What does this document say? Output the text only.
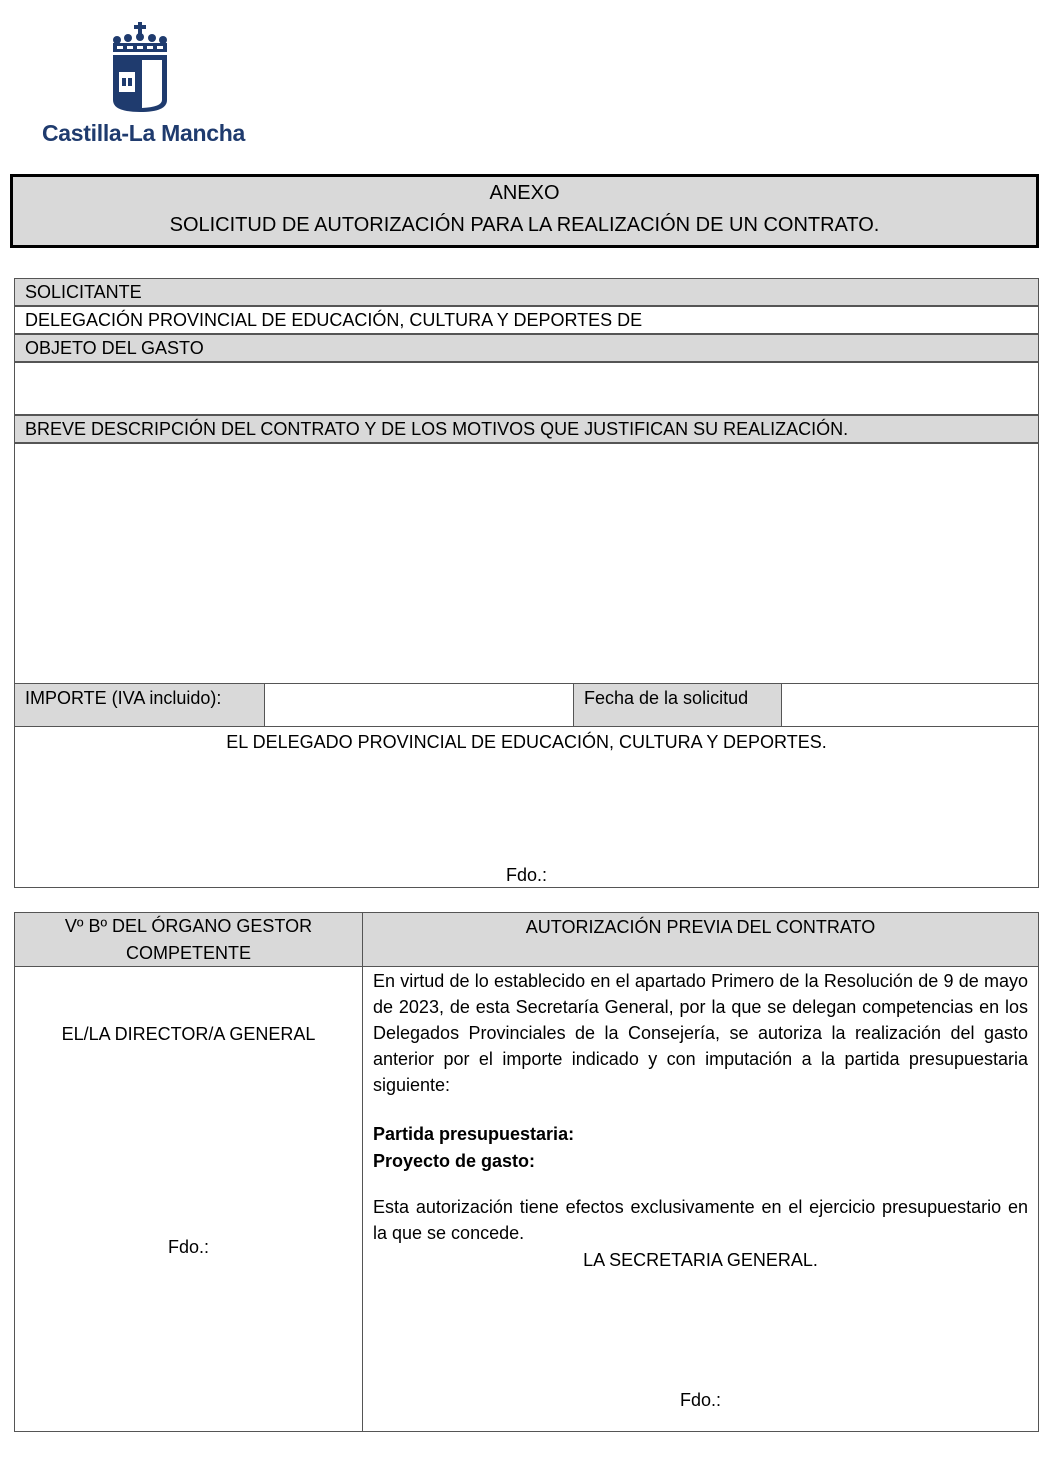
Castilla-La Mancha
ANEXO
SOLICITUD DE AUTORIZACIÓN PARA LA REALIZACIÓN DE UN CONTRATO.
SOLICITANTE
DELEGACIÓN PROVINCIAL DE EDUCACIÓN, CULTURA Y DEPORTES DE
OBJETO DEL GASTO
BREVE DESCRIPCIÓN DEL CONTRATO Y DE LOS MOTIVOS QUE JUSTIFICAN SU REALIZACIÓN.
IMPORTE (IVA incluido):	Fecha de la solicitud
EL DELEGADO PROVINCIAL DE EDUCACIÓN, CULTURA Y DEPORTES.
Fdo.:
Vº Bº DEL ÓRGANO GESTOR
COMPETENTE
AUTORIZACIÓN PREVIA DEL CONTRATO
EL/LA DIRECTOR/A GENERAL
Fdo.:
En virtud de lo establecido en el apartado Primero de la Resolución de 9 de mayo de 2023, de esta Secretaría General, por la que se delegan competencias en los Delegados Provinciales de la Consejería, se autoriza la realización del gasto anterior por el importe indicado y con imputación a la partida presupuestaria siguiente:
Partida presupuestaria:
Proyecto de gasto:
Esta autorización tiene efectos exclusivamente en el ejercicio presupuestario en la que se concede.
LA SECRETARIA GENERAL.
Fdo.:
